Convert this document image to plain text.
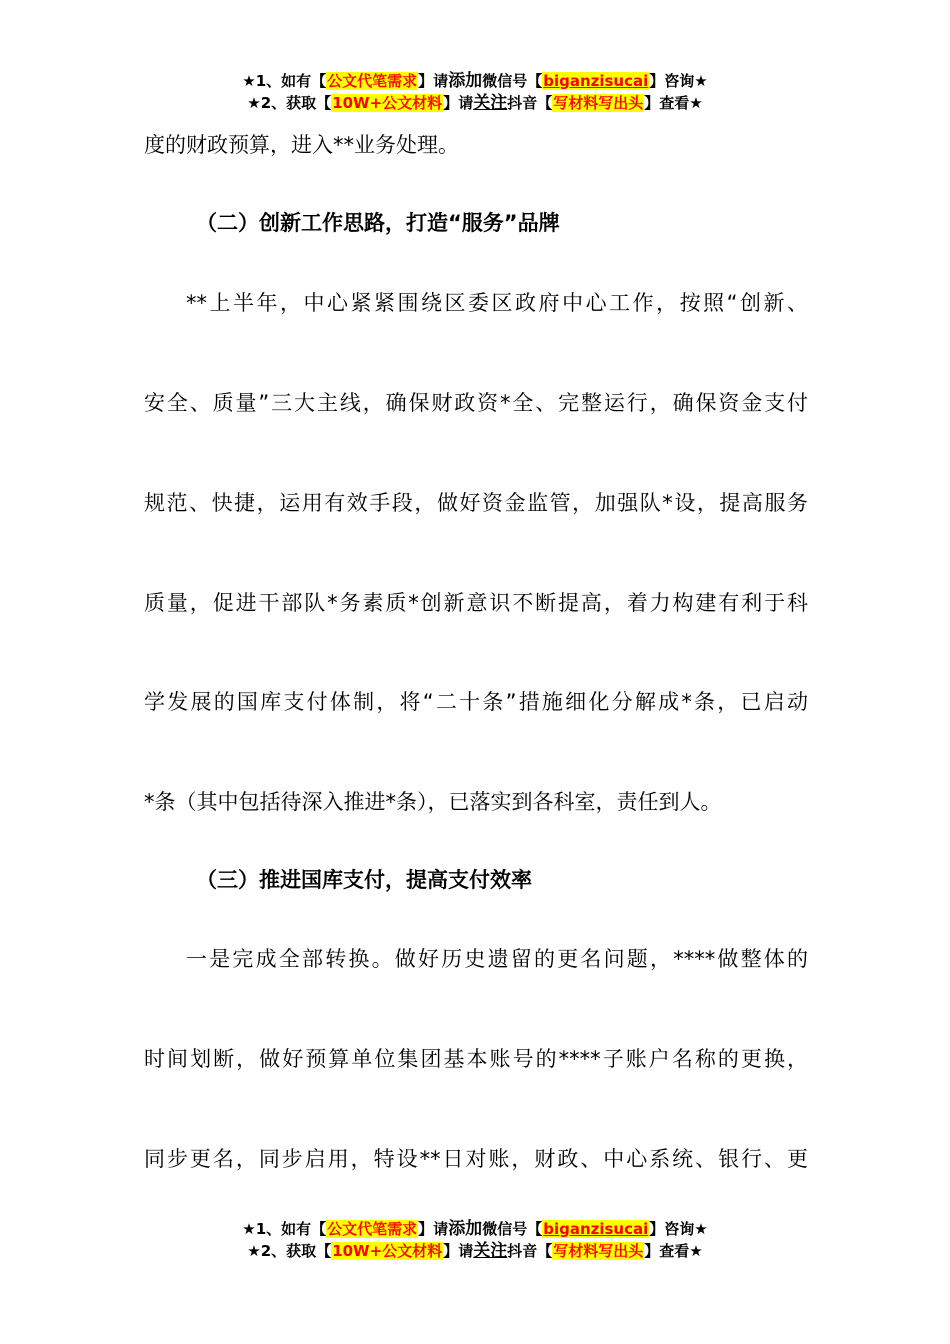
★1、如有【公文代笔需求】请添加微信号【biganzisucai】咨询★
★2、获取【10W+公文材料】请关注抖音【写材料写出头】查看★
度的财政预算，进入**业务处理。
（二）创新工作思路，打造“服务”品牌
**上半年，中心紧紧围绕区委区政府中心工作，按照“创新、
安全、质量”三大主线，确保财政资*全、完整运行，确保资金支付
规范、快捷，运用有效手段，做好资金监管，加强队*设，提高服务
质量，促进干部队*务素质*创新意识不断提高，着力构建有利于科
学发展的国库支付体制，将“二十条”措施细化分解成*条，已启动
*条（其中包括待深入推进*条），已落实到各科室，责任到人。
（三）推进国库支付，提高支付效率
一是完成全部转换。做好历史遗留的更名问题，****做整体的
时间划断，做好预算单位集团基本账号的****子账户名称的更换，
同步更名，同步启用，特设**日对账，财政、中心系统、银行、更
★1、如有【公文代笔需求】请添加微信号【biganzisucai】咨询★
★2、获取【10W+公文材料】请关注抖音【写材料写出头】查看★
